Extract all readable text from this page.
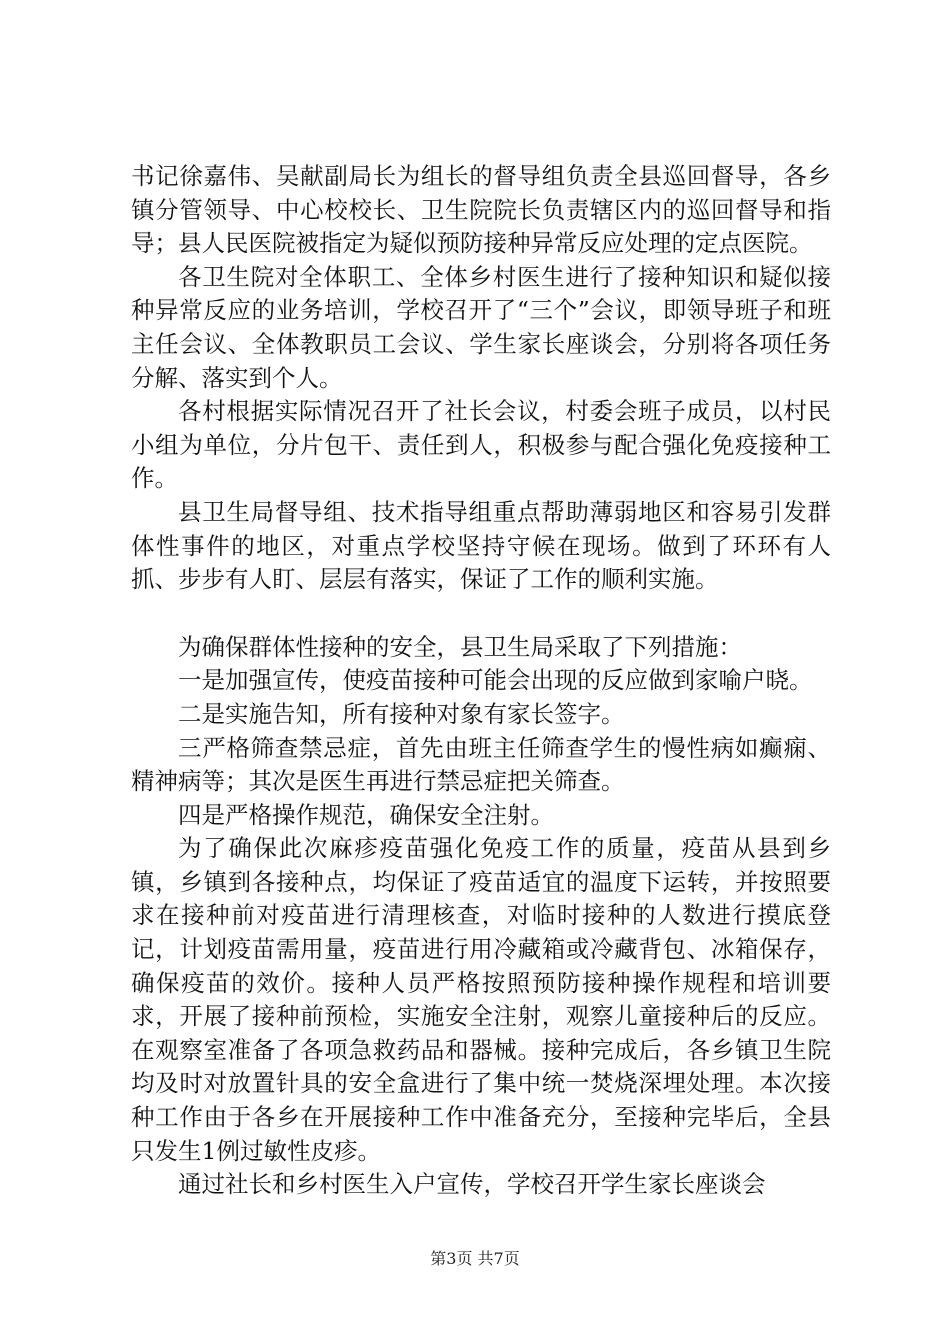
书记徐嘉伟、吴献副局长为组长的督导组负责全县巡回督导，各乡镇分管领导、中心校校长、卫生院院长负责辖区内的巡回督导和指导；县人民医院被指定为疑似预防接种异常反应处理的定点医院。

各卫生院对全体职工、全体乡村医生进行了接种知识和疑似接种异常反应的业务培训，学校召开了“三个”会议，即领导班子和班主任会议、全体教职员工会议、学生家长座谈会，分别将各项任务分解、落实到个人。

各村根据实际情况召开了社长会议，村委会班子成员，以村民小组为单位，分片包干、责任到人，积极参与配合强化免疫接种工作。

县卫生局督导组、技术指导组重点帮助薄弱地区和容易引发群体性事件的地区，对重点学校坚持守候在现场。做到了环环有人抓、步步有人盯、层层有落实，保证了工作的顺利实施。

为确保群体性接种的安全，县卫生局采取了下列措施：

一是加强宣传，使疫苗接种可能会出现的反应做到家喻户晓。

二是实施告知，所有接种对象有家长签字。

三严格筛查禁忌症，首先由班主任筛查学生的慢性病如癫痫、精神病等；其次是医生再进行禁忌症把关筛查。

四是严格操作规范，确保安全注射。

为了确保此次麻疹疫苗强化免疫工作的质量，疫苗从县到乡镇，乡镇到各接种点，均保证了疫苗适宜的温度下运转，并按照要求在接种前对疫苗进行清理核查，对临时接种的人数进行摸底登记，计划疫苗需用量，疫苗进行用冷藏箱或冷藏背包、冰箱保存，确保疫苗的效价。接种人员严格按照预防接种操作规程和培训要求，开展了接种前预检，实施安全注射，观察儿童接种后的反应。在观察室准备了各项急救药品和器械。接种完成后，各乡镇卫生院均及时对放置针具的安全盒进行了集中统一焚烧深埋处理。本次接种工作由于各乡在开展接种工作中准备充分，至接种完毕后，全县只发生1例过敏性皮疹。

通过社长和乡村医生入户宣传，学校召开学生家长座谈会

第3页 共7页
